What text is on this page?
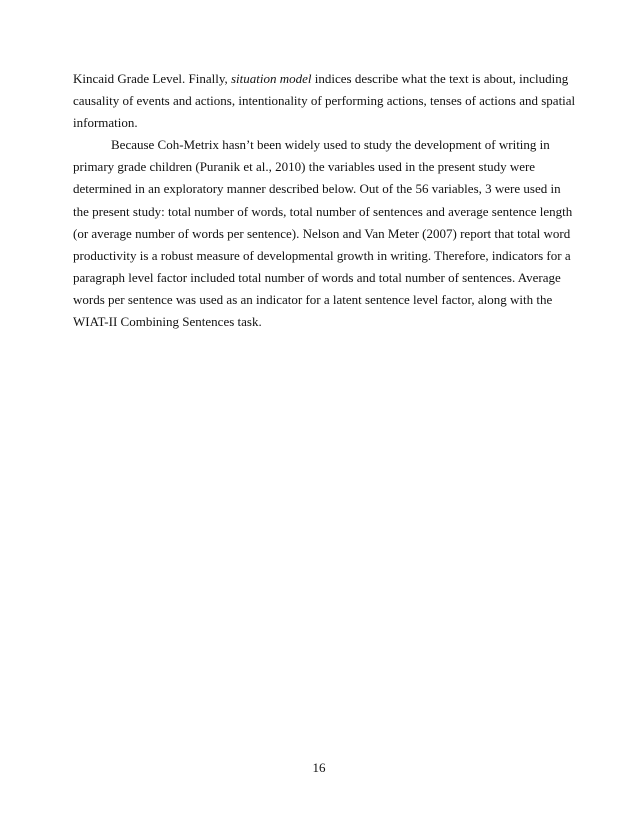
Kincaid Grade Level. Finally, situation model indices describe what the text is about, including
causality of events and actions, intentionality of performing actions, tenses of actions and spatial
information.
Because Coh-Metrix hasn’t been widely used to study the development of writing in
primary grade children (Puranik et al., 2010) the variables used in the present study were
determined in an exploratory manner described below. Out of the 56 variables, 3 were used in
the present study: total number of words, total number of sentences and average sentence length
(or average number of words per sentence). Nelson and Van Meter (2007) report that total word
productivity is a robust measure of developmental growth in writing. Therefore, indicators for a
paragraph level factor included total number of words and total number of sentences. Average
words per sentence was used as an indicator for a latent sentence level factor, along with the
WIAT-II Combining Sentences task.
16
